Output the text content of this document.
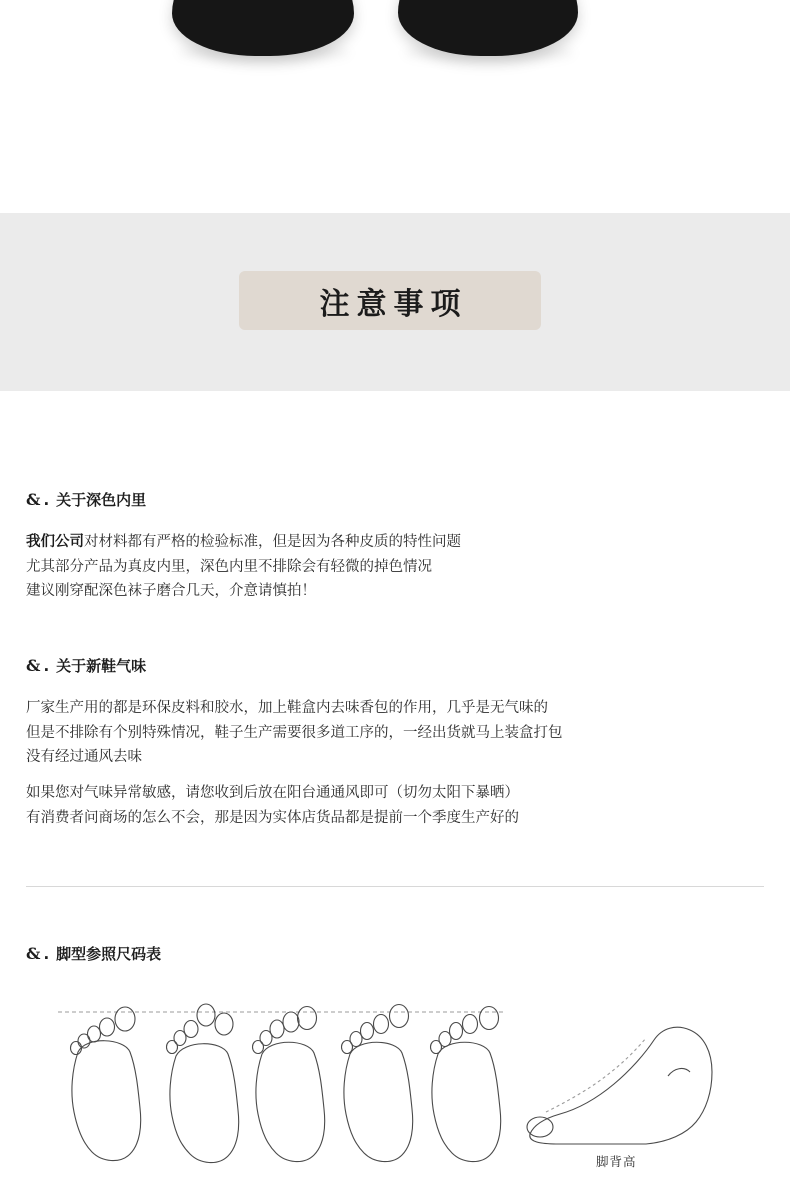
注意事项
& . 关于深色内里
我们公司对材料都有严格的检验标准，但是因为各种皮质的特性问题
尤其部分产品为真皮内里，深色内里不排除会有轻微的掉色情况
建议刚穿配深色袜子磨合几天，介意请慎拍！
& . 关于新鞋气味
厂家生产用的都是环保皮料和胶水，加上鞋盒内去味香包的作用，几乎是无气味的
但是不排除有个别特殊情况，鞋子生产需要很多道工序的，一经出货就马上装盒打包
没有经过通风去味
如果您对气味异常敏感，请您收到后放在阳台通通风即可（切勿太阳下暴晒）
有消费者问商场的怎么不会，那是因为实体店货品都是提前一个季度生产好的
& . 脚型参照尺码表
脚背高
